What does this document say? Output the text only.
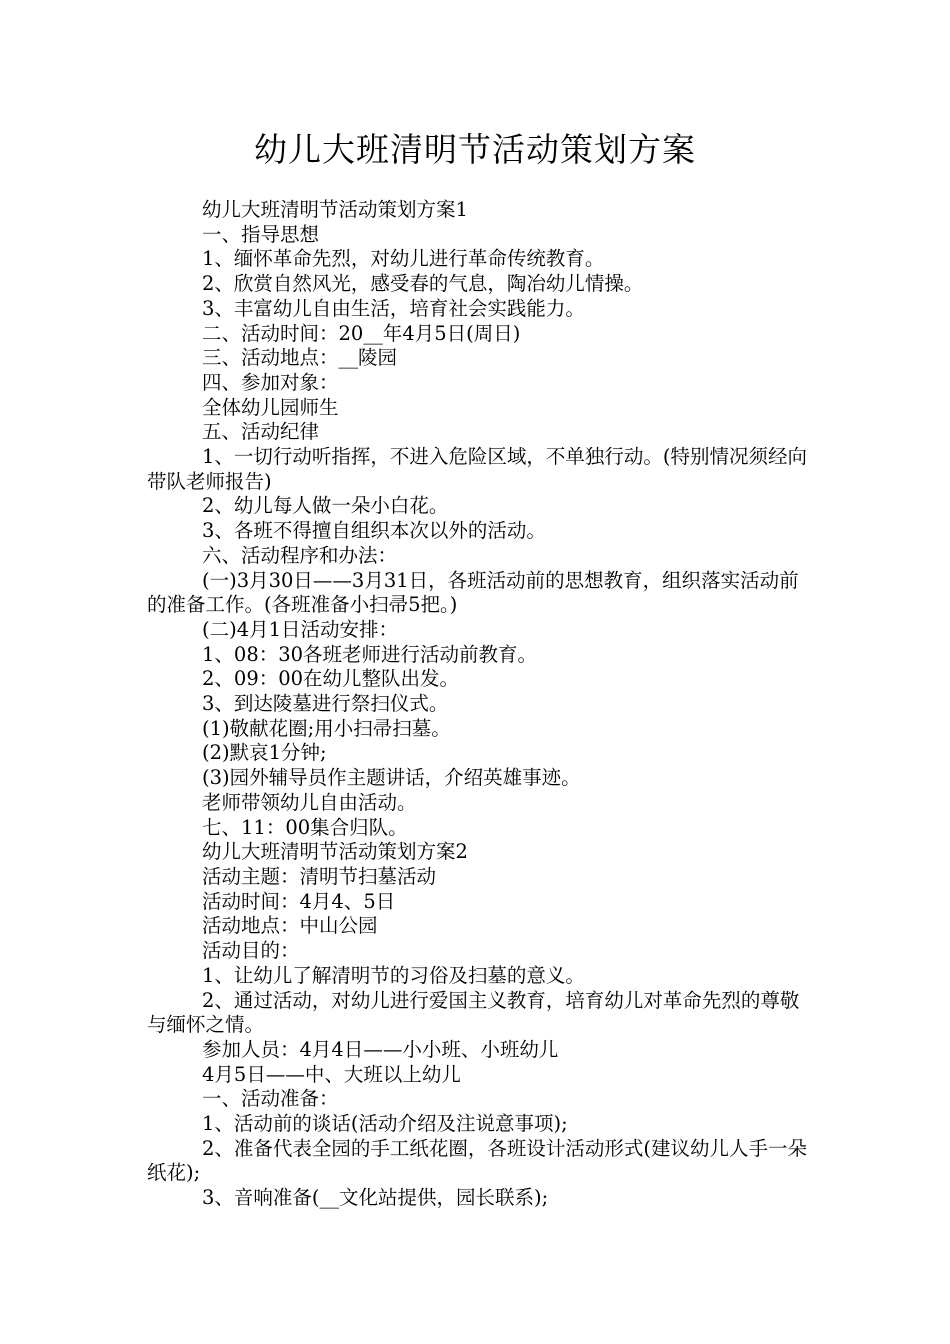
幼儿大班清明节活动策划方案

幼儿大班清明节活动策划方案1

一、指导思想

1、缅怀革命先烈，对幼儿进行革命传统教育。

2、欣赏自然风光，感受春的气息，陶冶幼儿情操。

3、丰富幼儿自由生活，培育社会实践能力。

二、活动时间：20__年4月5日(周日)

三、活动地点：__陵园

四、参加对象：

全体幼儿园师生

五、活动纪律

1、一切行动听指挥，不进入危险区域，不单独行动。(特别情况须经向带队老师报告)

2、幼儿每人做一朵小白花。

3、各班不得擅自组织本次以外的活动。

六、活动程序和办法：

(一)3月30日——3月31日，各班活动前的思想教育，组织落实活动前的准备工作。(各班准备小扫帚5把。)

(二)4月1日活动安排：

1、08：30各班老师进行活动前教育。

2、09：00在幼儿整队出发。

3、到达陵墓进行祭扫仪式。

(1)敬献花圈;用小扫帚扫墓。

(2)默哀1分钟;

(3)园外辅导员作主题讲话，介绍英雄事迹。

老师带领幼儿自由活动。

七、11：00集合归队。

幼儿大班清明节活动策划方案2

活动主题：清明节扫墓活动

活动时间：4月4、5日

活动地点：中山公园

活动目的：

1、让幼儿了解清明节的习俗及扫墓的意义。

2、通过活动，对幼儿进行爱国主义教育，培育幼儿对革命先烈的尊敬与缅怀之情。

参加人员：4月4日——小小班、小班幼儿

4月5日——中、大班以上幼儿

一、活动准备：

1、活动前的谈话(活动介绍及注说意事项);

2、准备代表全园的手工纸花圈，各班设计活动形式(建议幼儿人手一朵纸花);

3、音响准备(__文化站提供，园长联系);
